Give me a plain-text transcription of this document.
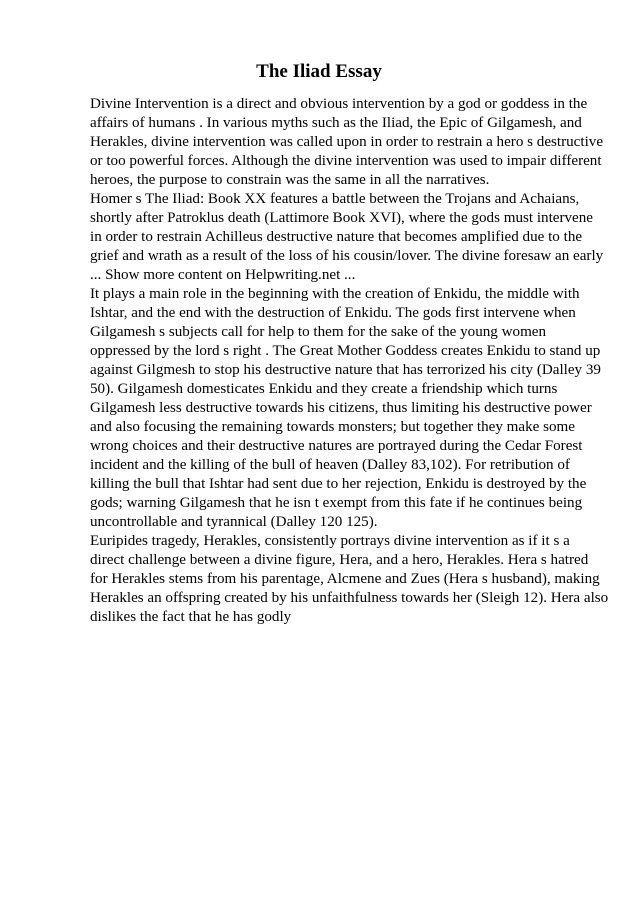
The Iliad Essay
Divine Intervention is a direct and obvious intervention by a god or goddess in the
affairs of humans . In various myths such as the Iliad, the Epic of Gilgamesh, and
Herakles, divine intervention was called upon in order to restrain a hero s destructive
or too powerful forces. Although the divine intervention was used to impair different
heroes, the purpose to constrain was the same in all the narratives.
Homer s The Iliad: Book XX features a battle between the Trojans and Achaians,
shortly after Patroklus death (Lattimore Book XVI), where the gods must intervene
in order to restrain Achilleus destructive nature that becomes amplified due to the
grief and wrath as a result of the loss of his cousin/lover. The divine foresaw an early
... Show more content on Helpwriting.net ...
It plays a main role in the beginning with the creation of Enkidu, the middle with
Ishtar, and the end with the destruction of Enkidu. The gods first intervene when
Gilgamesh s subjects call for help to them for the sake of the young women
oppressed by the lord s right . The Great Mother Goddess creates Enkidu to stand up
against Gilgmesh to stop his destructive nature that has terrorized his city (Dalley 39
50). Gilgamesh domesticates Enkidu and they create a friendship which turns
Gilgamesh less destructive towards his citizens, thus limiting his destructive power
and also focusing the remaining towards monsters; but together they make some
wrong choices and their destructive natures are portrayed during the Cedar Forest
incident and the killing of the bull of heaven (Dalley 83,102). For retribution of
killing the bull that Ishtar had sent due to her rejection, Enkidu is destroyed by the
gods; warning Gilgamesh that he isn t exempt from this fate if he continues being
uncontrollable and tyrannical (Dalley 120 125).
Euripides tragedy, Herakles, consistently portrays divine intervention as if it s a
direct challenge between a divine figure, Hera, and a hero, Herakles. Hera s hatred
for Herakles stems from his parentage, Alcmene and Zues (Hera s husband), making
Herakles an offspring created by his unfaithfulness towards her (Sleigh 12). Hera also
dislikes the fact that he has godly
